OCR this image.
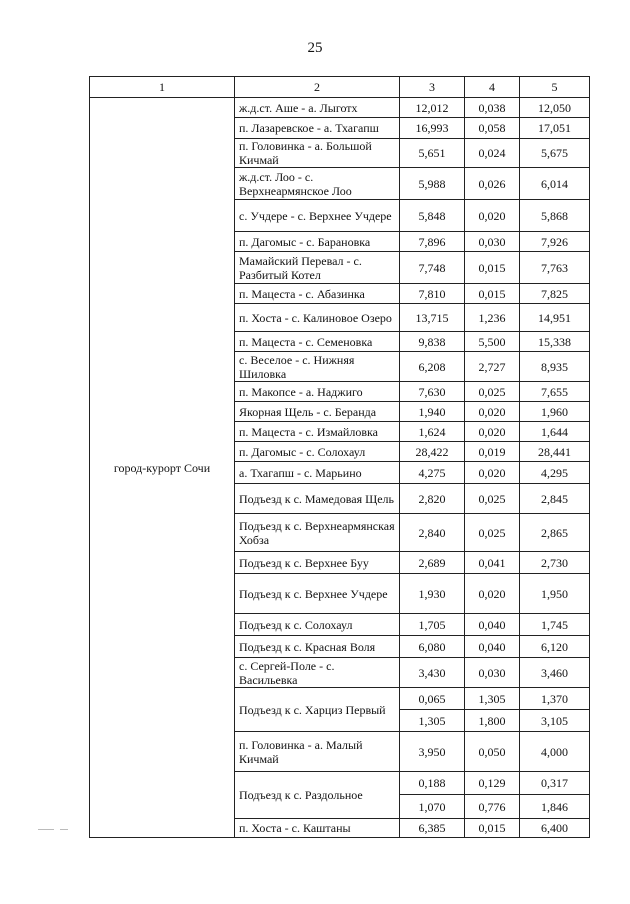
25
1	2	3	4	5
город-курорт Сочи	ж.д.ст. Аше - а. Лыготх	12,012	0,038	12,050
	п. Лазаревское - а. Тхагапш	16,993	0,058	17,051
	п. Головинка - а. Большой Кичмай	5,651	0,024	5,675
	ж.д.ст. Лоо - с. Верхнеармянское Лоо	5,988	0,026	6,014
	с. Учдере - с. Верхнее Учдере	5,848	0,020	5,868
	п. Дагомыс - с. Барановка	7,896	0,030	7,926
	Мамайский Перевал - с. Разбитый Котел	7,748	0,015	7,763
	п. Мацеста - с. Абазинка	7,810	0,015	7,825
	п. Хоста - с. Калиновое Озеро	13,715	1,236	14,951
	п. Мацеста - с. Семеновка	9,838	5,500	15,338
	с. Веселое - с. Нижняя Шиловка	6,208	2,727	8,935
	п. Макопсе - а. Наджиго	7,630	0,025	7,655
	Якорная Щель - с. Беранда	1,940	0,020	1,960
	п. Мацеста - с. Измайловка	1,624	0,020	1,644
	п. Дагомыс - с. Солохаул	28,422	0,019	28,441
	а. Тхагапш - с. Марьино	4,275	0,020	4,295
	Подъезд к с. Мамедовая Щель	2,820	0,025	2,845
	Подъезд к с. Верхнеармянская Хобза	2,840	0,025	2,865
	Подъезд к с. Верхнее Буу	2,689	0,041	2,730
	Подъезд к с. Верхнее Учдере	1,930	0,020	1,950
	Подъезд к с. Солохаул	1,705	0,040	1,745
	Подъезд к с. Красная Воля	6,080	0,040	6,120
	с. Сергей-Поле - с. Васильевка	3,430	0,030	3,460
	Подъезд к с. Харциз Первый	0,065	1,305	1,370
		1,305	1,800	3,105
	п. Головинка - а. Малый Кичмай	3,950	0,050	4,000
	Подъезд к с. Раздольное	0,188	0,129	0,317
		1,070	0,776	1,846
	п. Хоста - с. Каштаны	6,385	0,015	6,400
